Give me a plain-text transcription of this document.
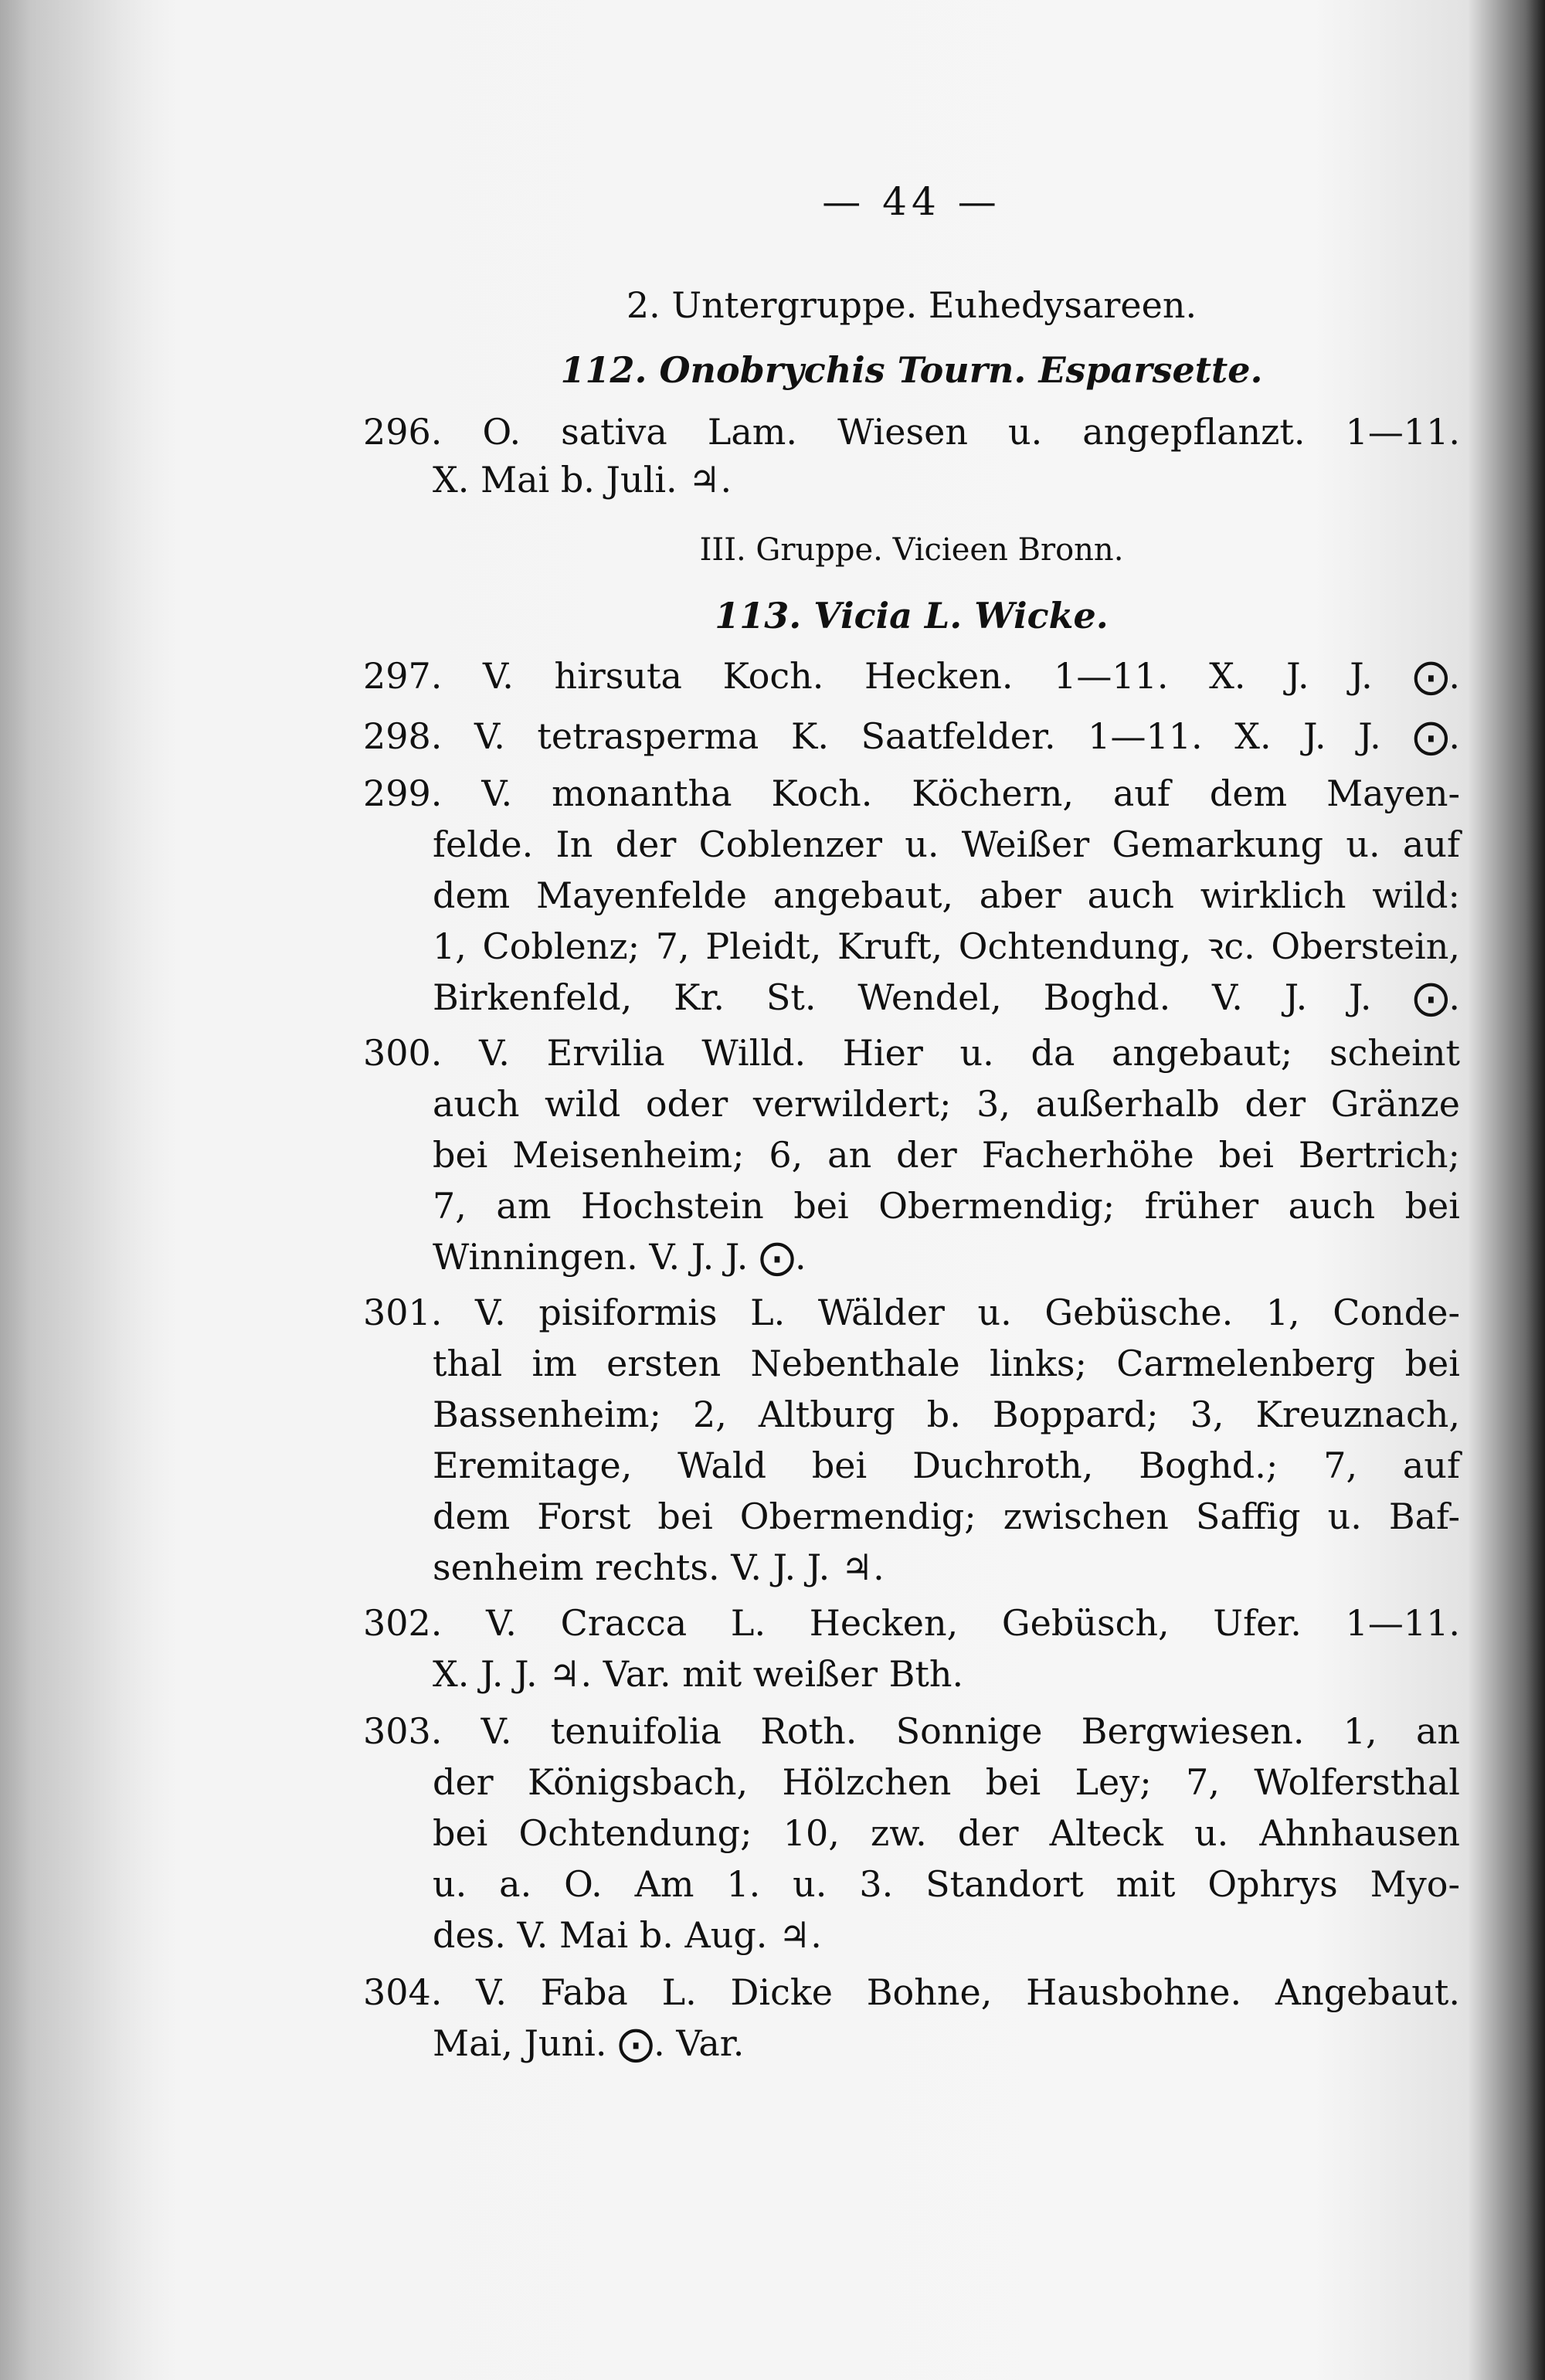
— 44 —
2. Untergruppe. Euhedysareen.
112. Onobrychis Tourn. Esparsette.
296. O. sativa Lam. Wiesen u. angepflanzt. 1—11.
X. Mai b. Juli. ♃.
III. Gruppe. Vicieen Bronn.
113. Vicia L. Wicke.
297. V. hirsuta Koch. Hecken. 1—11. X. J. J. ⨀.
298. V. tetrasperma K. Saatfelder. 1—11. X. J. J. ⨀.
299. V. monantha Koch. Köchern, auf dem Mayen-
felde. In der Coblenzer u. Weißer Gemarkung u. auf
dem Mayenfelde angebaut, aber auch wirklich wild:
1, Coblenz; 7, Pleidt, Kruft, Ochtendung, ꝛc. Oberstein,
Birkenfeld, Kr. St. Wendel, Boghd. V. J. J. ⨀.
300. V. Ervilia Willd. Hier u. da angebaut; scheint
auch wild oder verwildert; 3, außerhalb der Gränze
bei Meisenheim; 6, an der Facherhöhe bei Bertrich;
7, am Hochstein bei Obermendig; früher auch bei
Winningen. V. J. J. ⨀.
301. V. pisiformis L. Wälder u. Gebüsche. 1, Conde-
thal im ersten Nebenthale links; Carmelenberg bei
Bassenheim; 2, Altburg b. Boppard; 3, Kreuznach,
Eremitage, Wald bei Duchroth, Boghd.; 7, auf
dem Forst bei Obermendig; zwischen Saffig u. Baf-
senheim rechts. V. J. J. ♃.
302. V. Cracca L. Hecken, Gebüsch, Ufer. 1—11.
X. J. J. ♃. Var. mit weißer Bth.
303. V. tenuifolia Roth. Sonnige Bergwiesen. 1, an
der Königsbach, Hölzchen bei Ley; 7, Wolfersthal
bei Ochtendung; 10, zw. der Alteck u. Ahnhausen
u. a. O. Am 1. u. 3. Standort mit Ophrys Myo-
des. V. Mai b. Aug. ♃.
304. V. Faba L. Dicke Bohne, Hausbohne. Angebaut.
Mai, Juni. ⨀. Var.
